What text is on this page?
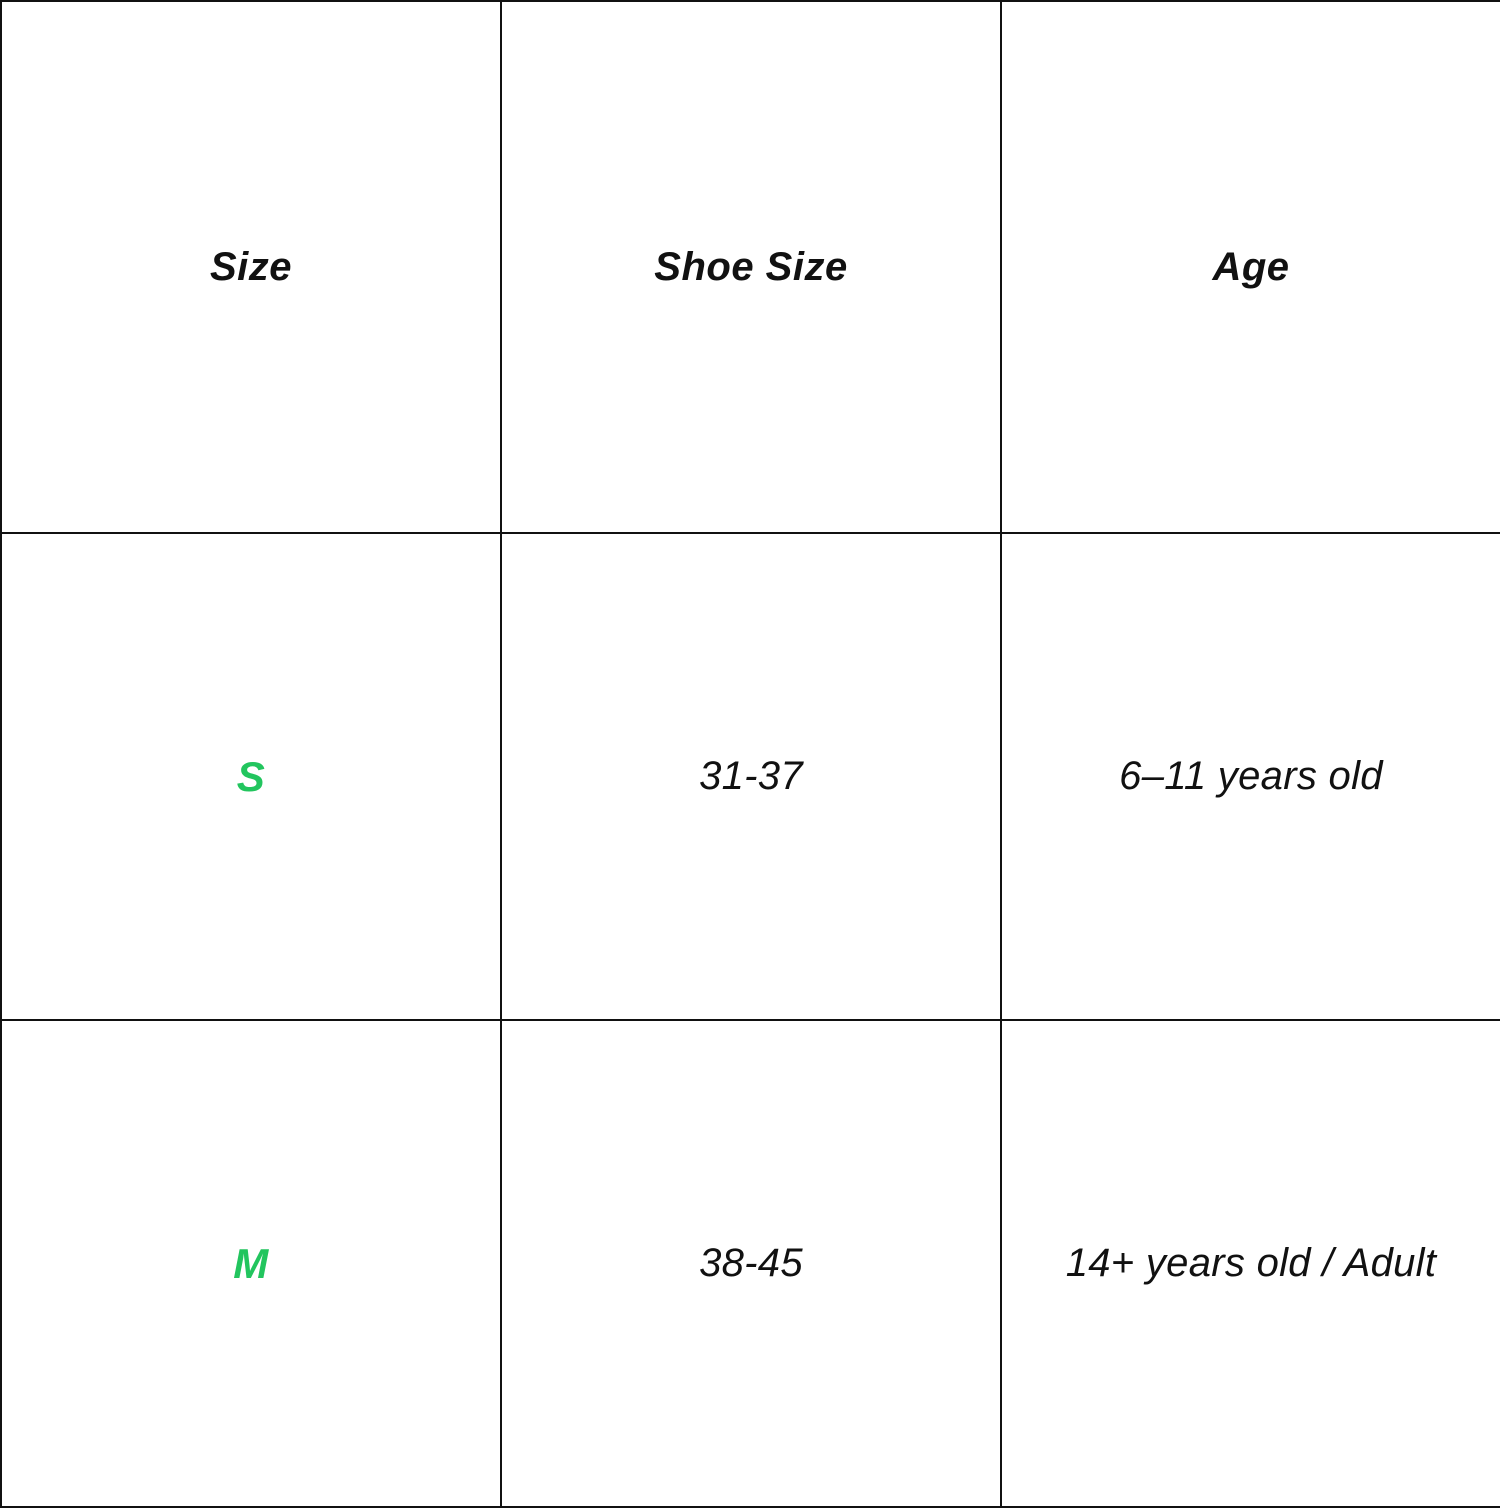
Size	Shoe Size	Age
S	31-37	6–11 years old
M	38-45	14+ years old / Adult
